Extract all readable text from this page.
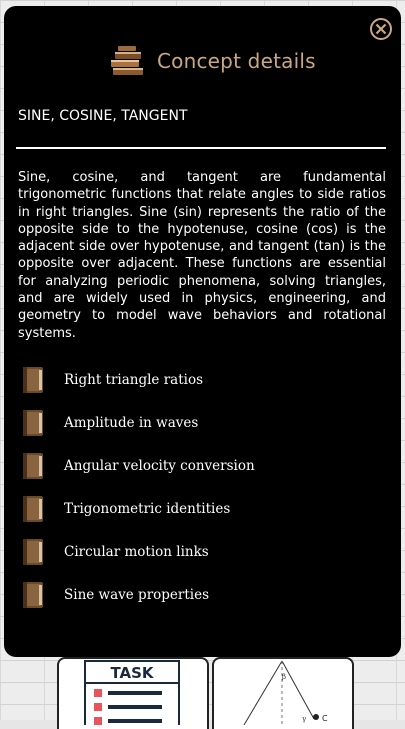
TASK	β
γ C
Concept details
SINE, COSINE, TANGENT

Sine, cosine, and tangent are fundamental trigonometric functions that relate angles to side ratios in right triangles. Sine (sin) represents the ratio of the opposite side to the hypotenuse, cosine (cos) is the adjacent side over hypotenuse, and tangent (tan) is the opposite over adjacent. These functions are essential for analyzing periodic phenomena, solving triangles, and are widely used in physics, engineering, and geometry to model wave behaviors and rotational systems.

Right triangle ratios
Amplitude in waves
Angular velocity conversion
Trigonometric identities
Circular motion links
Sine wave properties
